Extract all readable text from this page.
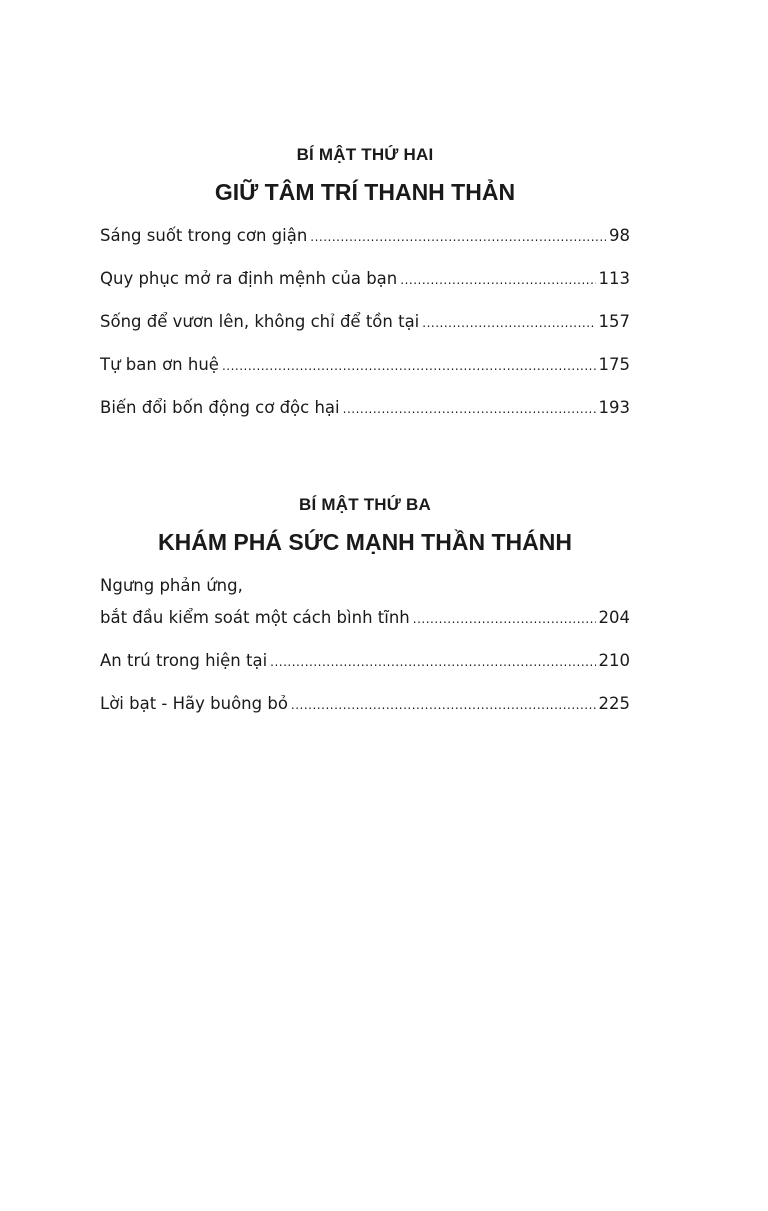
BÍ MẬT THỨ HAI
GIỮ TÂM TRÍ THANH THẢN
Sáng suốt trong cơn giận .....	98
Quy phục mở ra định mệnh của bạn .....	113
Sống để vươn lên, không chỉ để tồn tại .....	157
Tự ban ơn huệ .....	175
Biến đổi bốn động cơ độc hại .....	193
BÍ MẬT THỨ BA
KHÁM PHÁ SỨC MẠNH THẦN THÁNH
Ngưng phản ứng,
bắt đầu kiểm soát một cách bình tĩnh .....	204
An trú trong hiện tại .....	210
Lời bạt - Hãy buông bỏ .....	225
